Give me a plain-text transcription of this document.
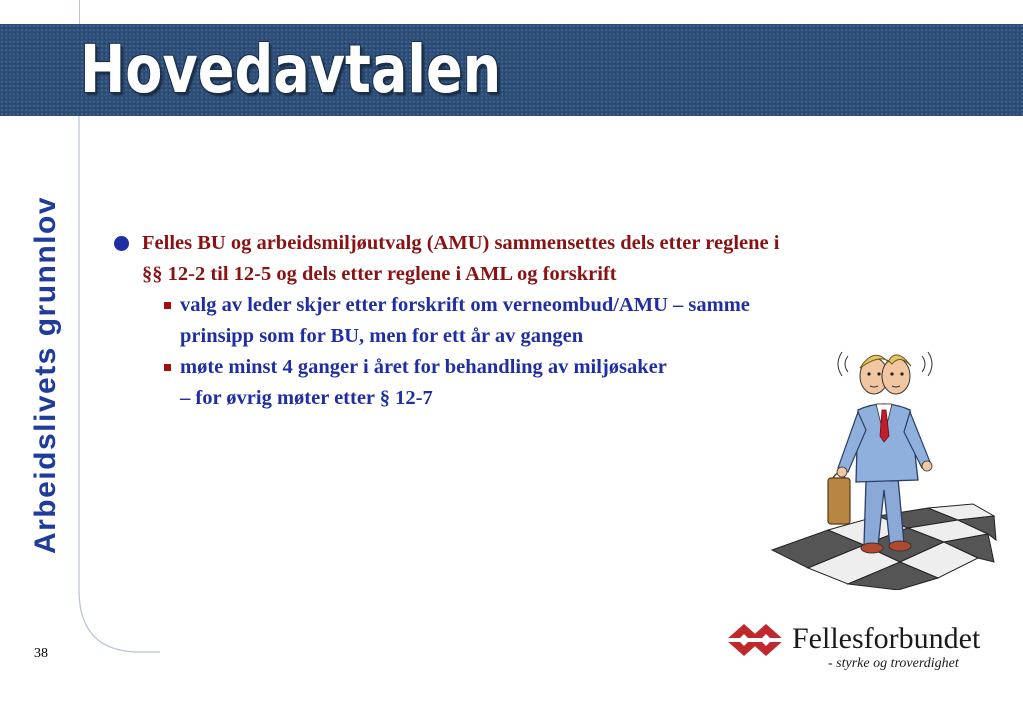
Hovedavtalen
Arbeidslivets grunnlov
38
Felles BU og arbeidsmiljøutvalg (AMU) sammensettes dels etter reglene i
§§ 12-2 til 12-5 og dels etter reglene i AML og forskrift
valg av leder skjer etter forskrift om verneombud/AMU – samme
prinsipp som for BU, men for ett år av gangen
møte minst 4 ganger i året for behandling av miljøsaker
– for øvrig møter etter § 12-7
Fellesforbundet
- styrke og troverdighet
